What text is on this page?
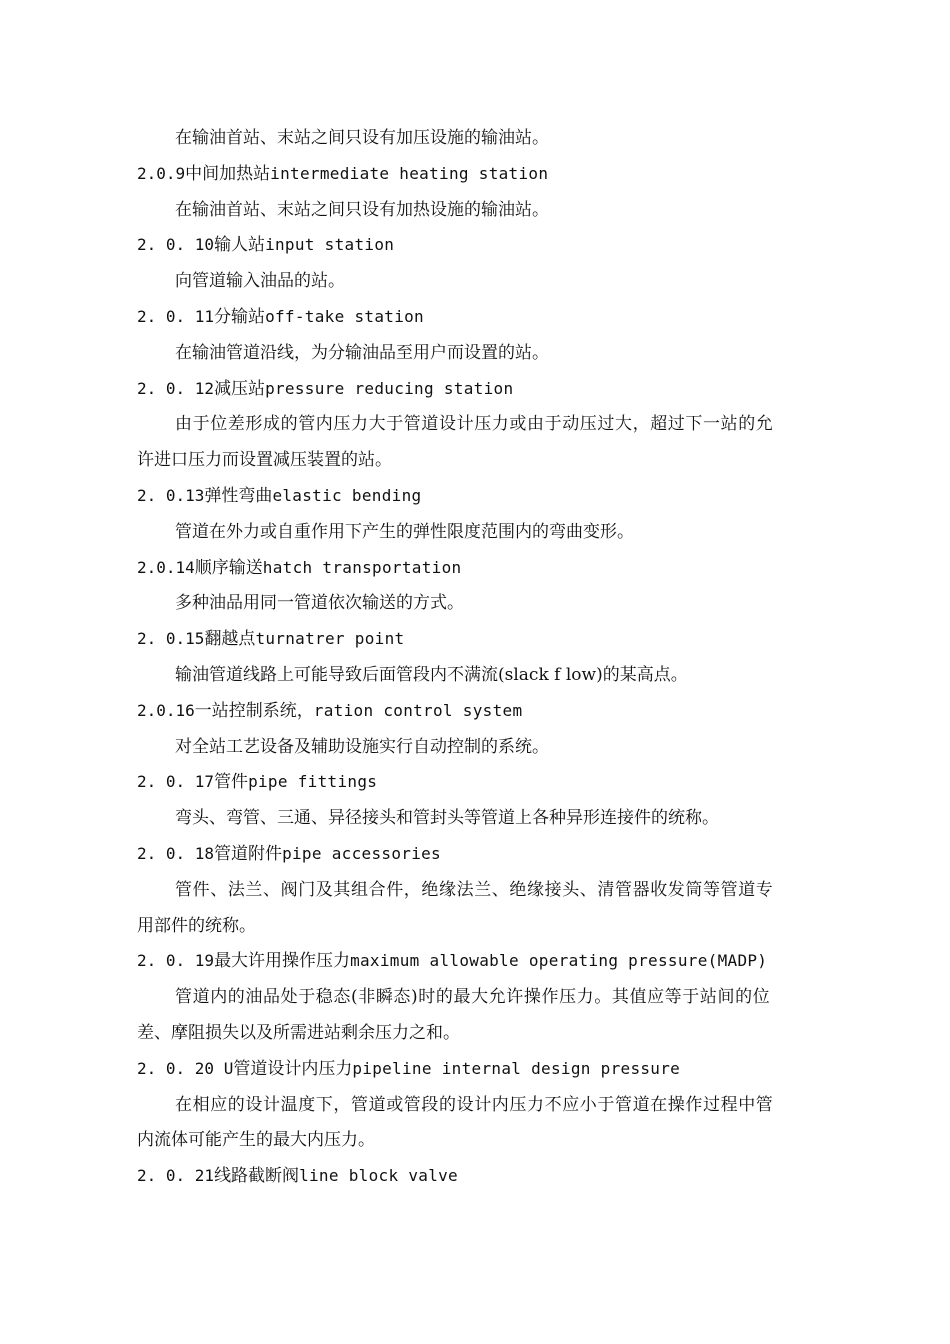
在输油首站、末站之间只设有加压设施的输油站。
2.0.9中间加热站intermediate heating station
在输油首站、末站之间只设有加热设施的输油站。
2. 0. 10输人站input station
向管道输入油品的站。
2. 0. 11分输站off-take station
在输油管道沿线，为分输油品至用户而设置的站。
2. 0. 12减压站pressure reducing station
由于位差形成的管内压力大于管道设计压力或由于动压过大，超过下一站的允
许进口压力而设置减压装置的站。
2. 0.13弹性弯曲elastic bending
管道在外力或自重作用下产生的弹性限度范围内的弯曲变形。
2.0.14顺序输送hatch transportation
多种油品用同一管道依次输送的方式。
2. 0.15翻越点turnatrer point
输油管道线路上可能导致后面管段内不满流(slack f low)的某高点。
2.0.16一站控制系统，ration control system
对全站工艺设备及辅助设施实行自动控制的系统。
2. 0. 17管件pipe fittings
弯头、弯管、三通、异径接头和管封头等管道上各种异形连接件的统称。
2. 0. 18管道附件pipe accessories
管件、法兰、阀门及其组合件，绝缘法兰、绝缘接头、清管器收发筒等管道专
用部件的统称。
2. 0. 19最大许用操作压力maximum allowable operating pressure(MADP)
管道内的油品处于稳态(非瞬态)时的最大允许操作压力。其值应等于站间的位
差、摩阻损失以及所需进站剩余压力之和。
2. 0. 20 U管道设计内压力pipeline internal design pressure
在相应的设计温度下，管道或管段的设计内压力不应小于管道在操作过程中管
内流体可能产生的最大内压力。
2. 0. 21线路截断阀line block valve
